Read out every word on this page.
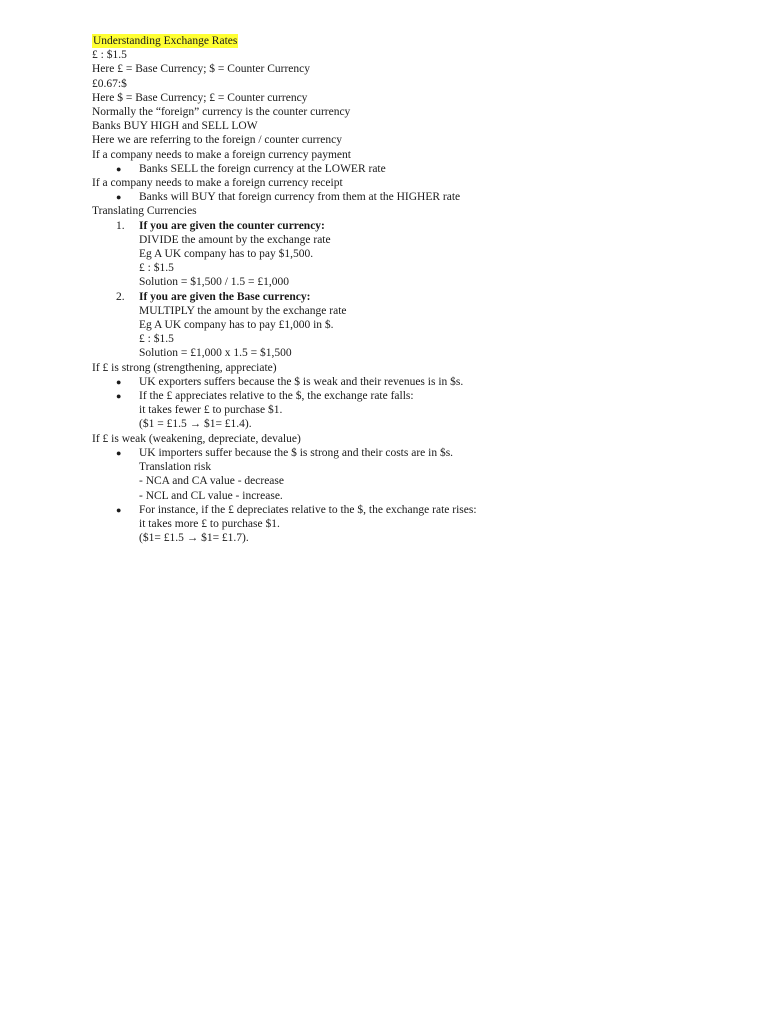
Understanding Exchange Rates
£ : $1.5
Here £ = Base Currency; $ = Counter Currency
£0.67:$
Here $ = Base Currency; £ = Counter currency
Normally the “foreign” currency is the counter currency
Banks BUY HIGH and SELL LOW
Here we are referring to the foreign / counter currency
If a company needs to make a foreign currency payment
● Banks SELL the foreign currency at the LOWER rate
If a company needs to make a foreign currency receipt
● Banks will BUY that foreign currency from them at the HIGHER rate
Translating Currencies
1. If you are given the counter currency:
DIVIDE the amount by the exchange rate
Eg A UK company has to pay $1,500.
£ : $1.5
Solution = $1,500 / 1.5 = £1,000
2. If you are given the Base currency:
MULTIPLY the amount by the exchange rate
Eg A UK company has to pay £1,000 in $.
£ : $1.5
Solution = £1,000 x 1.5 = $1,500
If £ is strong (strengthening, appreciate)
● UK exporters suffers because the $ is weak and their revenues is in $s.
● If the £ appreciates relative to the $, the exchange rate falls:
it takes fewer £ to purchase $1.
($1 = £1.5 → $1= £1.4).
If £ is weak (weakening, depreciate, devalue)
● UK importers suffer because the $ is strong and their costs are in $s.
Translation risk
- NCA and CA value - decrease
- NCL and CL value - increase.
● For instance, if the £ depreciates relative to the $, the exchange rate rises:
it takes more £ to purchase $1.
($1= £1.5 → $1= £1.7).
